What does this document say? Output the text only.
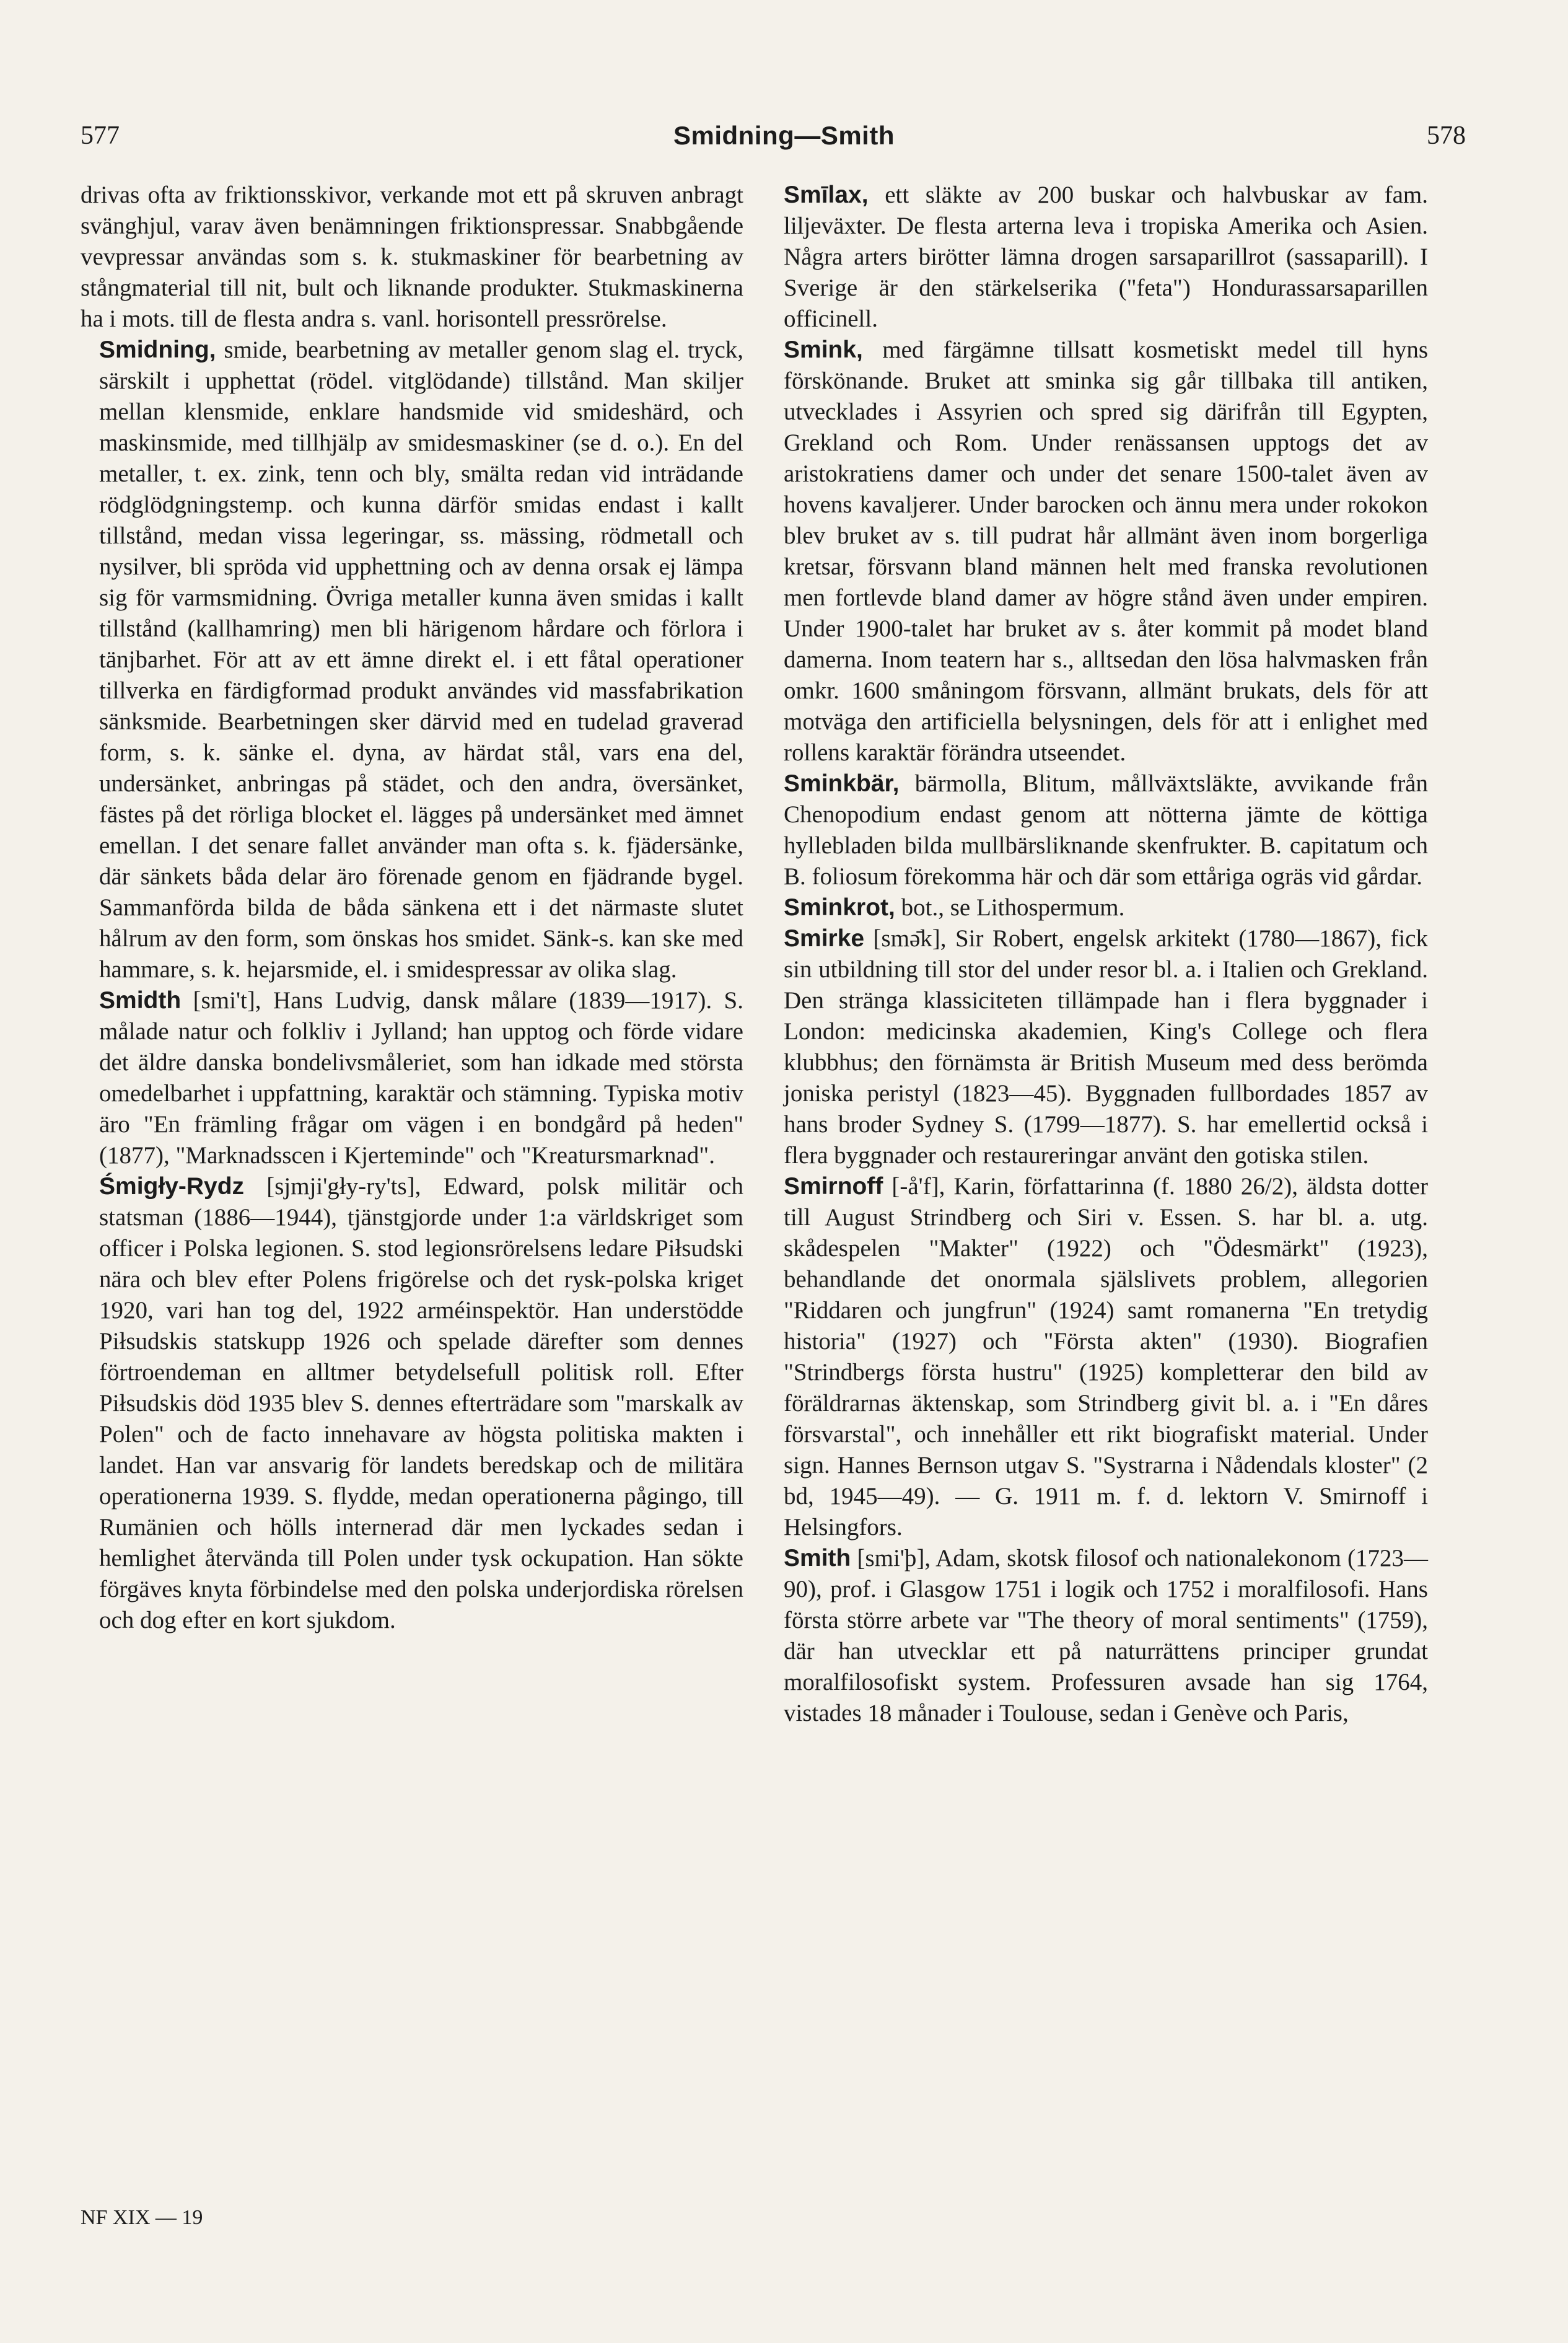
577	Smidning—Smith	578

drivas ofta av friktionsskivor, verkande mot ett på skruven anbragt svänghjul, varav även benämningen friktionspressar. Snabbgående vevpressar användas som s. k. stukmaskiner för bearbetning av stångmaterial till nit, bult och liknande produkter. Stukmaskinerna ha i mots. till de flesta andra s. vanl. horisontell pressrörelse.

Smidning, smide, bearbetning av metaller genom slag el. tryck, särskilt i upphettat (rödel. vitglödande) tillstånd. Man skiljer mellan klensmide, enklare handsmide vid smideshärd, och maskinsmide, med tillhjälp av smidesmaskiner (se d. o.). En del metaller, t. ex. zink, tenn och bly, smälta redan vid inträdande rödglödgningstemp. och kunna därför smidas endast i kallt tillstånd, medan vissa legeringar, ss. mässing, rödmetall och nysilver, bli spröda vid upphettning och av denna orsak ej lämpa sig för varmsmidning. Övriga metaller kunna även smidas i kallt tillstånd (kallhamring) men bli härigenom hårdare och förlora i tänjbarhet. För att av ett ämne direkt el. i ett fåtal operationer tillverka en färdigformad produkt användes vid massfabrikation sänksmide. Bearbetningen sker därvid med en tudelad graverad form, s. k. sänke el. dyna, av härdat stål, vars ena del, undersänket, anbringas på städet, och den andra, översänket, fästes på det rörliga blocket el. lägges på undersänket med ämnet emellan. I det senare fallet använder man ofta s. k. fjädersänke, där sänkets båda delar äro förenade genom en fjädrande bygel. Sammanförda bilda de båda sänkena ett i det närmaste slutet hålrum av den form, som önskas hos smidet. Sänk-s. kan ske med hammare, s. k. hejarsmide, el. i smidespressar av olika slag.

Smidth [smi't], Hans Ludvig, dansk målare (1839—1917). S. målade natur och folkliv i Jylland; han upptog och förde vidare det äldre danska bondelivsmåleriet, som han idkade med största omedelbarhet i uppfattning, karaktär och stämning. Typiska motiv äro "En främling frågar om vägen i en bondgård på heden" (1877), "Marknadsscen i Kjerteminde" och "Kreatursmarknad".

Śmigły-Rydz [sjmji'gły-ry'ts], Edward, polsk militär och statsman (1886—1944), tjänstgjorde under 1:a världskriget som officer i Polska legionen. S. stod legionsrörelsens ledare Piłsudski nära och blev efter Polens frigörelse och det rysk-polska kriget 1920, vari han tog del, 1922 arméinspektör. Han understödde Piłsudskis statskupp 1926 och spelade därefter som dennes förtroendeman en alltmer betydelsefull politisk roll. Efter Piłsudskis död 1935 blev S. dennes efterträdare som "marskalk av Polen" och de facto innehavare av högsta politiska makten i landet. Han var ansvarig för landets beredskap och de militära operationerna 1939. S. flydde, medan operationerna pågingo, till Rumänien och hölls internerad där men lyckades sedan i hemlighet återvända till Polen under tysk ockupation. Han sökte förgäves knyta förbindelse med den polska underjordiska rörelsen och dog efter en kort sjukdom.

Smīlax, ett släkte av 200 buskar och halvbuskar av fam. liljeväxter. De flesta arterna leva i tropiska Amerika och Asien. Några arters birötter lämna drogen sarsaparillrot (sassaparill). I Sverige är den stärkelserika ("feta") Hondurassarsaparillen officinell.

Smink, med färgämne tillsatt kosmetiskt medel till hyns förskönande. Bruket att sminka sig går tillbaka till antiken, utvecklades i Assyrien och spred sig därifrån till Egypten, Grekland och Rom. Under renässansen upptogs det av aristokratiens damer och under det senare 1500-talet även av hovens kavaljerer. Under barocken och ännu mera under rokokon blev bruket av s. till pudrat hår allmänt även inom borgerliga kretsar, försvann bland männen helt med franska revolutionen men fortlevde bland damer av högre stånd även under empiren. Under 1900-talet har bruket av s. åter kommit på modet bland damerna. Inom teatern har s., alltsedan den lösa halvmasken från omkr. 1600 småningom försvann, allmänt brukats, dels för att motväga den artificiella belysningen, dels för att i enlighet med rollens karaktär förändra utseendet.

Sminkbär, bärmolla, Blitum, mållväxtsläkte, avvikande från Chenopodium endast genom att nötterna jämte de köttiga hyllebladen bilda mullbärsliknande skenfrukter. B. capitatum och B. foliosum förekomma här och där som ettåriga ogräs vid gårdar.

Sminkrot, bot., se Lithospermum.

Smirke [smə̄k], Sir Robert, engelsk arkitekt (1780—1867), fick sin utbildning till stor del under resor bl. a. i Italien och Grekland. Den stränga klassiciteten tillämpade han i flera byggnader i London: medicinska akademien, King's College och flera klubbhus; den förnämsta är British Museum med dess berömda joniska peristyl (1823—45). Byggnaden fullbordades 1857 av hans broder Sydney S. (1799—1877). S. har emellertid också i flera byggnader och restaureringar använt den gotiska stilen.

Smirnoff [-å'f], Karin, författarinna (f. 1880 26/2), äldsta dotter till August Strindberg och Siri v. Essen. S. har bl. a. utg. skådespelen "Makter" (1922) och "Ödesmärkt" (1923), behandlande det onormala själslivets problem, allegorien "Riddaren och jungfrun" (1924) samt romanerna "En tretydig historia" (1927) och "Första akten" (1930). Biografien "Strindbergs första hustru" (1925) kompletterar den bild av föräldrarnas äktenskap, som Strindberg givit bl. a. i "En dåres försvarstal", och innehåller ett rikt biografiskt material. Under sign. Hannes Bernson utgav S. "Systrarna i Nådendals kloster" (2 bd, 1945—49). — G. 1911 m. f. d. lektorn V. Smirnoff i Helsingfors.

Smith [smi'þ], Adam, skotsk filosof och nationalekonom (1723—90), prof. i Glasgow 1751 i logik och 1752 i moralfilosofi. Hans första större arbete var "The theory of moral sentiments" (1759), där han utvecklar ett på naturrättens principer grundat moralfilosofiskt system. Professuren avsade han sig 1764, vistades 18 månader i Toulouse, sedan i Genève och Paris,

NF XIX — 19
